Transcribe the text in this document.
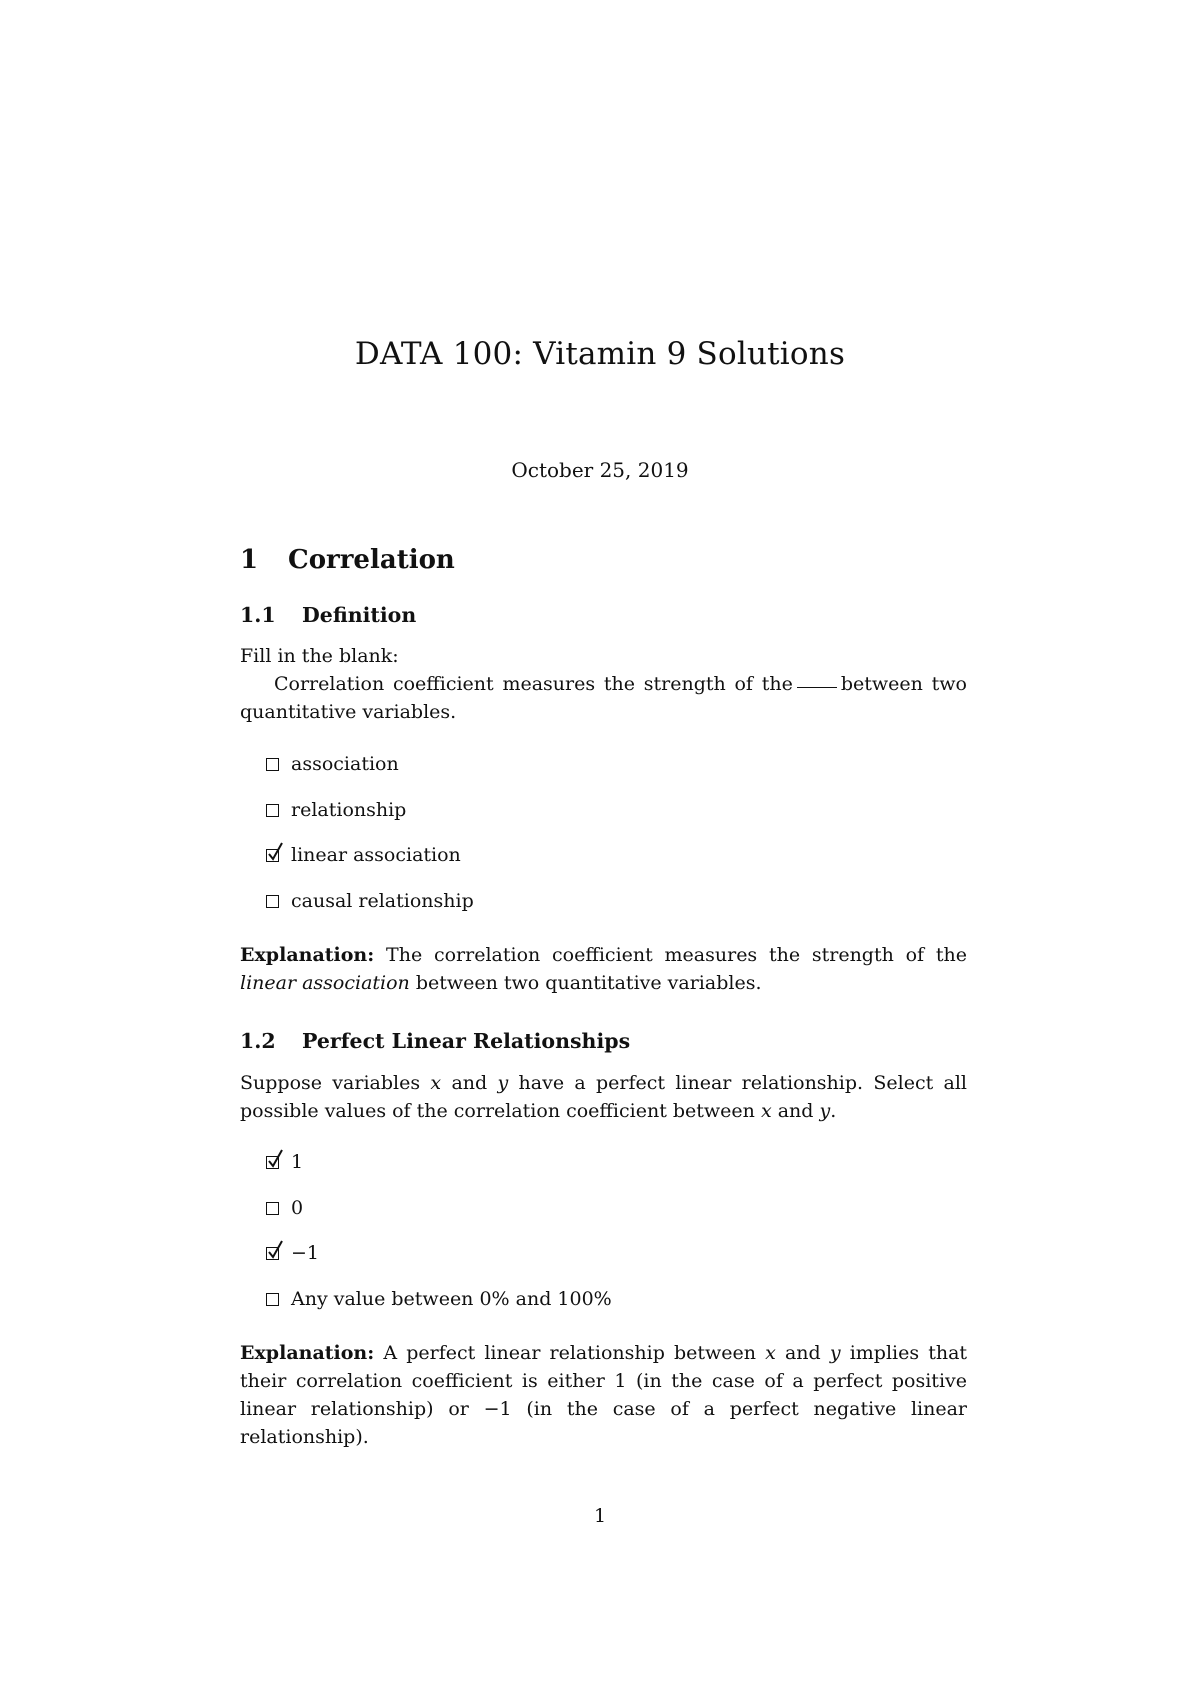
DATA 100: Vitamin 9 Solutions
October 25, 2019
1 Correlation
1.1 Definition
Fill in the blank:
Correlation coefficient measures the strength of the	between two quantitative variables.
association
relationship
linear association
causal relationship
Explanation: The correlation coefficient measures the strength of the linear association between two quantitative variables.
1.2 Perfect Linear Relationships
Suppose variables x and y have a perfect linear relationship. Select all possible values of the correlation coefficient between x and y.
1
0
−1
Any value between 0% and 100%
Explanation: A perfect linear relationship between x and y implies that their correlation coefficient is either 1 (in the case of a perfect positive linear relationship) or −1 (in the case of a perfect negative linear relationship).
1
